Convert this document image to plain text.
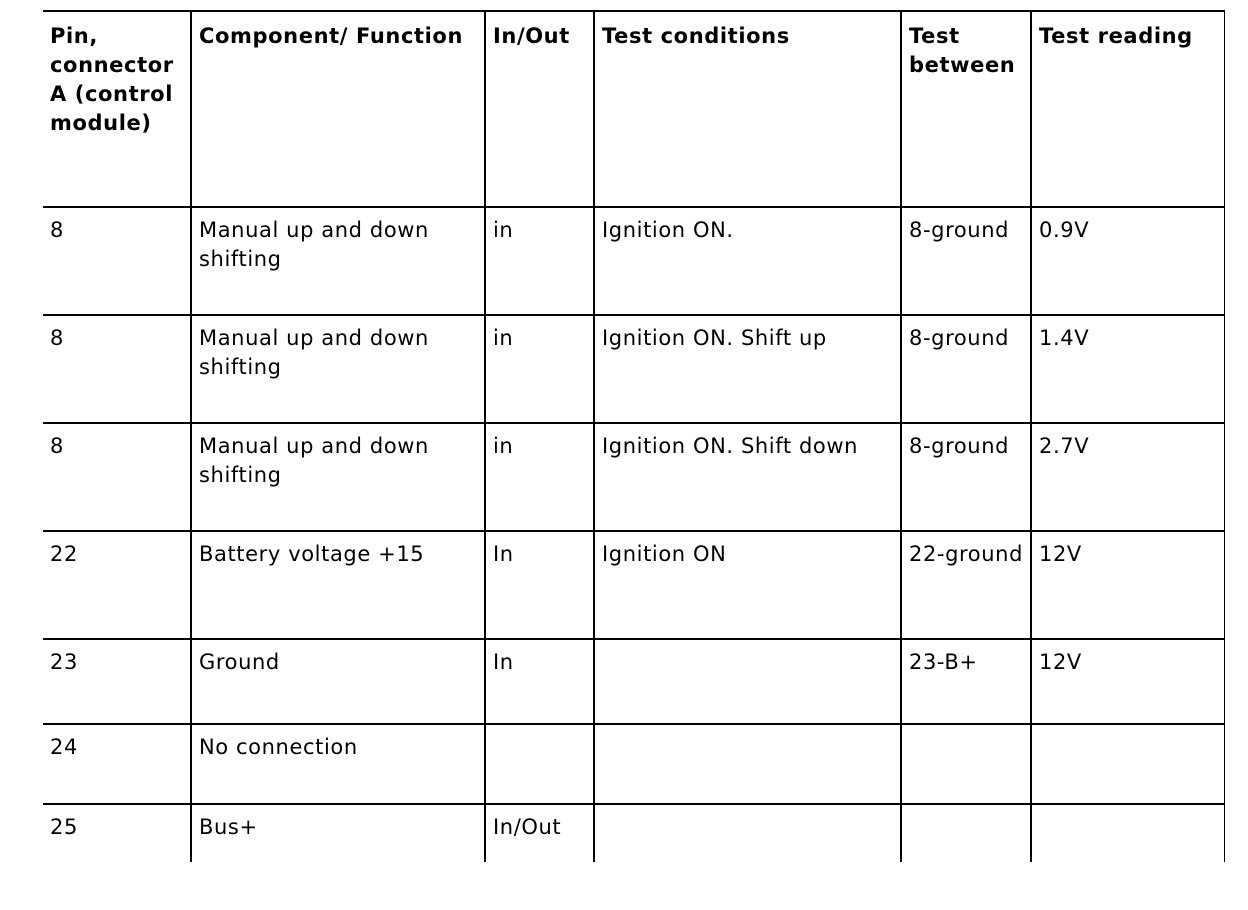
Pin, connector A (control module)	Component/ Function	In/Out	Test conditions	Test between	Test reading

8	Manual up and down shifting	in	Ignition ON.	8-ground	0.9V
8	Manual up and down shifting	in	Ignition ON. Shift up	8-ground	1.4V
8	Manual up and down shifting	in	Ignition ON. Shift down	8-ground	2.7V
22	Battery voltage +15	In	Ignition ON	22-ground	12V
23	Ground	In		23-B+	12V
24	No connection				
25	Bus+	In/Out			
